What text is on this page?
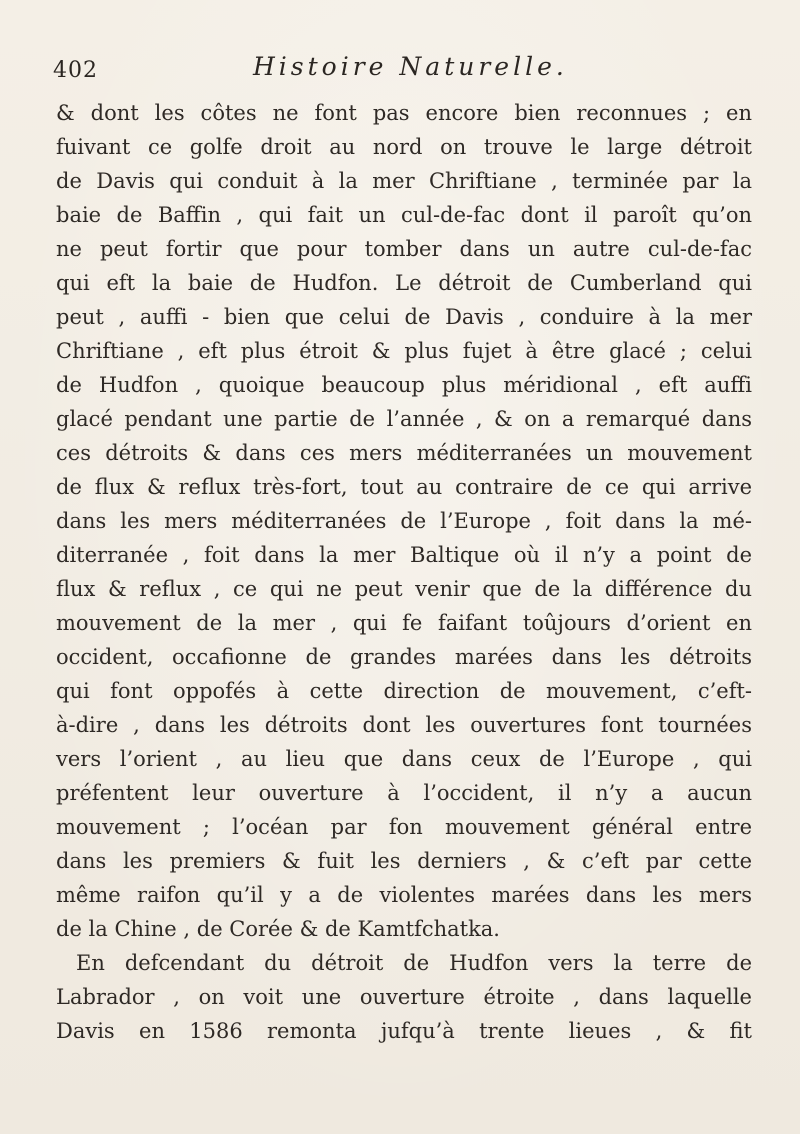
402	Histoire Naturelle.
& dont les côtes ne font pas encore bien reconnues ; en
fuivant ce golfe droit au nord on trouve le large détroit
de Davis qui conduit à la mer Chriftiane , terminée par la
baie de Baffin , qui fait un cul-de-fac dont il paroît qu’on
ne peut fortir que pour tomber dans un autre cul-de-fac
qui eft la baie de Hudfon. Le détroit de Cumberland qui
peut , auffi - bien que celui de Davis , conduire à la mer
Chriftiane , eft plus étroit & plus fujet à être glacé ; celui
de Hudfon , quoique beaucoup plus méridional , eft auffi
glacé pendant une partie de l’année , & on a remarqué dans
ces détroits & dans ces mers méditerranées un mouvement
de flux & reflux très-fort, tout au contraire de ce qui arrive
dans les mers méditerranées de l’Europe , foit dans la mé-
diterranée , foit dans la mer Baltique où il n’y a point de
flux & reflux , ce qui ne peut venir que de la différence du
mouvement de la mer , qui fe faifant toûjours d’orient en
occident, occafionne de grandes marées dans les détroits
qui font oppofés à cette direction de mouvement, c’eft-
à-dire , dans les détroits dont les ouvertures font tournées
vers l’orient , au lieu que dans ceux de l’Europe , qui
préfentent leur ouverture à l’occident, il n’y a aucun
mouvement ; l’océan par fon mouvement général entre
dans les premiers & fuit les derniers , & c’eft par cette
même raifon qu’il y a de violentes marées dans les mers
de la Chine , de Corée & de Kamtfchatka.
En defcendant du détroit de Hudfon vers la terre de
Labrador , on voit une ouverture étroite , dans laquelle
Davis en 1586 remonta jufqu’à trente lieues , & fit
